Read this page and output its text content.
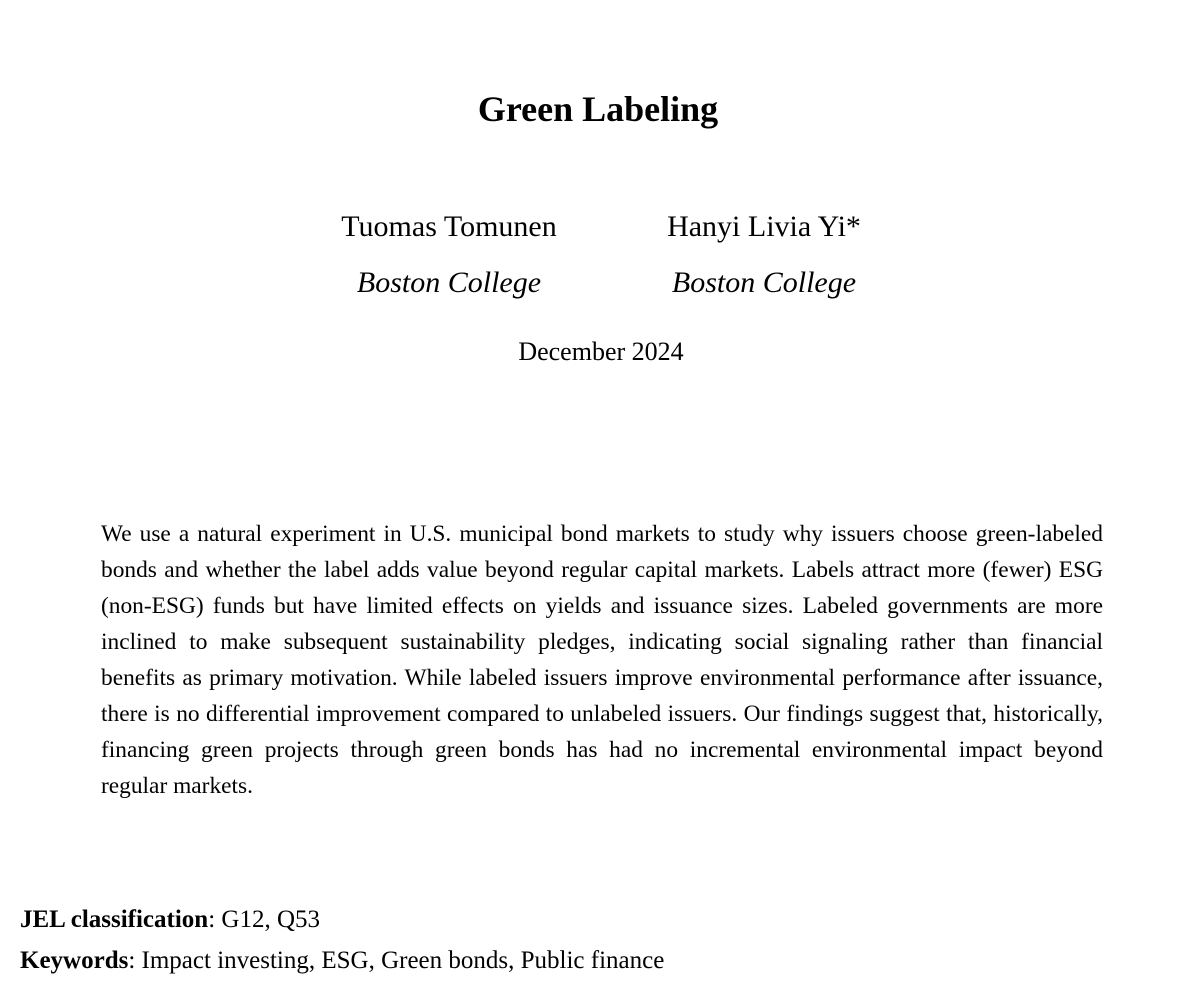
Green Labeling
Tuomas Tomunen	Hanyi Livia Yi*
Boston College	Boston College
December 2024

We use a natural experiment in U.S. municipal bond markets to study why issuers choose green-labeled bonds and whether the label adds value beyond regular capital markets. Labels attract more (fewer) ESG (non-ESG) funds but have limited effects on yields and issuance sizes. Labeled governments are more inclined to make subsequent sustainability pledges, indicating social signaling rather than financial benefits as primary motivation. While labeled issuers improve environmental performance after issuance, there is no differential improvement compared to unlabeled issuers. Our findings suggest that, historically, financing green projects through green bonds has had no incremental environmental impact beyond regular markets.

JEL classification: G12, Q53
Keywords: Impact investing, ESG, Green bonds, Public finance
